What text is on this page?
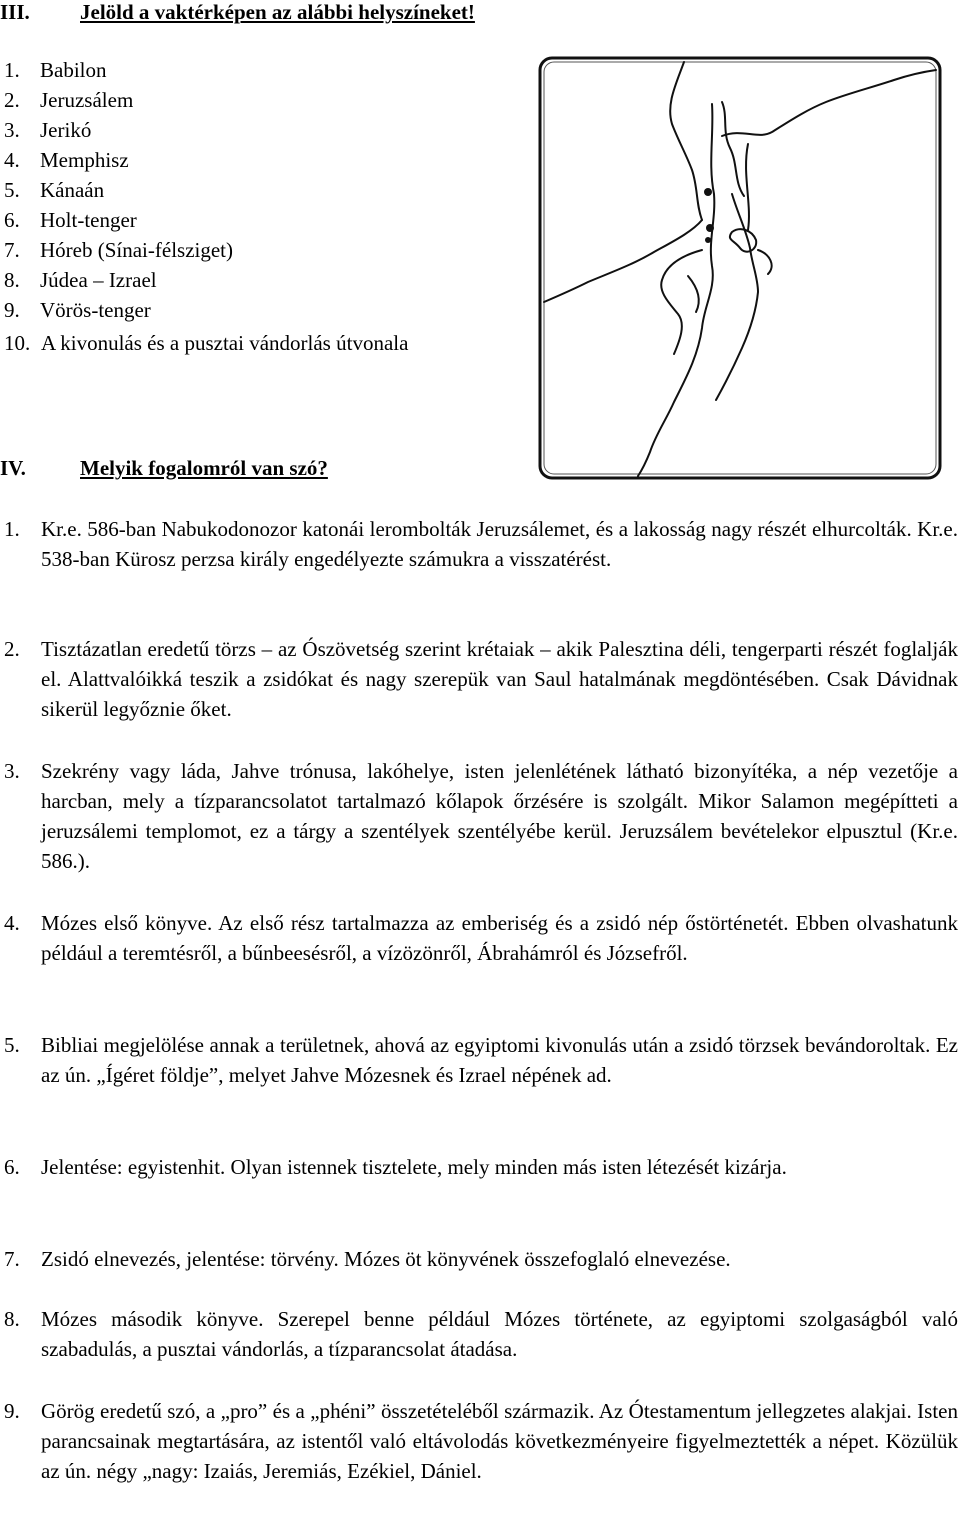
III. Jelöld a vaktérképen az alábbi helyszíneket!
1. Babilon
2. Jeruzsálem
3. Jerikó
4. Memphisz
5. Kánaán
6. Holt-tenger
7. Hóreb (Sínai-félsziget)
8. Júdea – Izrael
9. Vörös-tenger
10. A kivonulás és a pusztai vándorlás útvonala
IV.	Melyik fogalomról van szó?
1. Kr.e. 586-ban Nabukodonozor katonái lerombolták Jeruzsálemet, és a lakosság nagy részét elhurcolták. Kr.e. 538-ban Kürosz perzsa király engedélyezte számukra a visszatérést.
2. Tisztázatlan eredetű törzs – az Ószövetség szerint krétaiak – akik Palesztina déli, tengerparti részét foglalják el. Alattvalóikká teszik a zsidókat és nagy szerepük van Saul hatalmának megdöntésében. Csak Dávidnak sikerül legyőznie őket.
3. Szekrény vagy láda, Jahve trónusa, lakóhelye, isten jelenlétének látható bizonyítéka, a nép vezetője a harcban, mely a tízparancsolatot tartalmazó kőlapok őrzésére is szolgált. Mikor Salamon megépítteti a jeruzsálemi templomot, ez a tárgy a szentélyek szentélyébe kerül. Jeruzsálem bevételekor elpusztul (Kr.e. 586.).
4. Mózes első könyve. Az első rész tartalmazza az emberiség és a zsidó nép őstörténetét. Ebben olvashatunk például a teremtésről, a bűnbeesésről, a vízözönről, Ábrahámról és Józsefről.
5. Bibliai megjelölése annak a területnek, ahová az egyiptomi kivonulás után a zsidó törzsek bevándoroltak. Ez az ún. „Ígéret földje”, melyet Jahve Mózesnek és Izrael népének ad.
6. Jelentése: egyistenhit. Olyan istennek tisztelete, mely minden más isten létezését kizárja.
7. Zsidó elnevezés, jelentése: törvény. Mózes öt könyvének összefoglaló elnevezése.
8. Mózes második könyve. Szerepel benne például Mózes története, az egyiptomi szolgaságból való szabadulás, a pusztai vándorlás, a tízparancsolat átadása.
9. Görög eredetű szó, a „pro” és a „phéni” összetételéből származik. Az Ótestamentum jellegzetes alakjai. Isten parancsainak megtartására, az istentől való eltávolodás következményeire figyelmeztették a népet. Közülük az ún. négy „nagy: Izaiás, Jeremiás, Ezékiel, Dániel.
